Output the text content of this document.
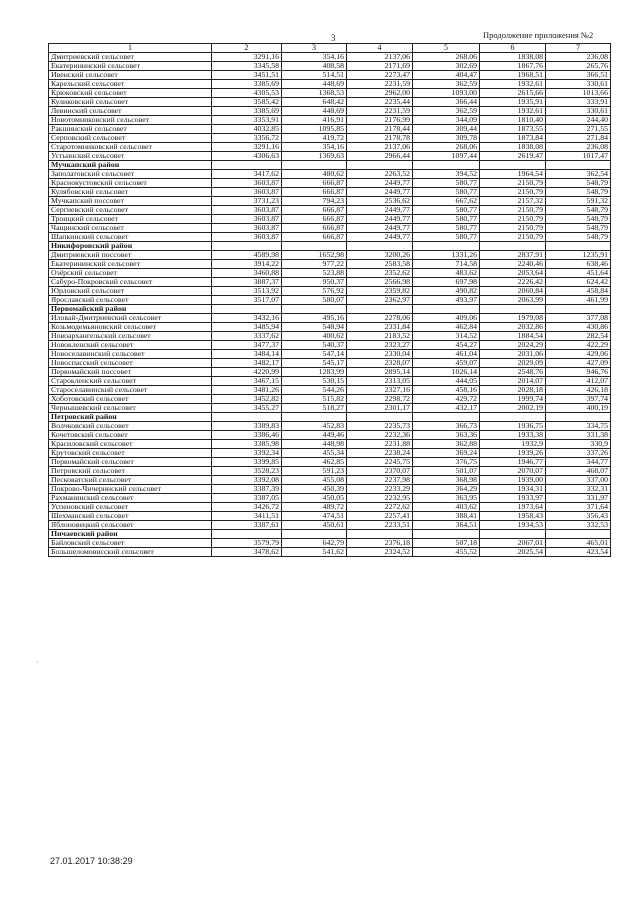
3	Продолжение приложения №2
1	2	3	4	5	6	7
Дмитриевский сельсовет	3291,16	354,16	2137,06	268,06	1838,08	236,08
Екатерининский сельсовет	3345,58	408,58	2171,69	302,69	1867,76	265,76
Ивенский сельсовет	3451,51	514,51	2273,47	404,47	1968,51	366,51
Карельский сельсовет	3385,69	448,69	2231,59	362,59	1932,61	330,61
Крюковский сельсовет	4305,53	1368,53	2962,00	1093,00	2615,66	1013,66
Куликовский сельсовет	3585,42	648,42	2235,44	366,44	1935,91	333,91
Левинский сельсовет	3385,69	448,69	2231,59	362,59	1932,61	330,61
Новотомниковский сельсовет	3353,91	416,91	2176,99	344,09	1810,40	244,40
Ракшинский сельсовет	4032,85	1095,85	2178,44	309,44	1873,55	271,55
Серповский сельсовет	3356,72	419,72	2178,78	309,78	1873,84	271,84
Старотомниковский сельсовет	3291,16	354,16	2137,06	268,06	1838,08	236,08
Устьинский сельсовет	4306,63	1369,63	2966,44	1097,44	2619,47	1017,47
Мучкапский район						
Заполатовский сельсовет	3417,62	480,62	2263,52	394,52	1964,54	362,54
Краснокустовский сельсовет	3603,87	666,87	2449,77	580,77	2150,79	548,79
Кулябовский сельсовет	3603,87	666,87	2449,77	580,77	2150,79	548,79
Мучкапский поссовет	3731,23	794,23	2536,62	667,62	2157,32	591,32
Сергиевский сельсовет	3603,87	666,87	2449,77	580,77	2150,79	548,79
Троицкий сельсовет	3603,87	666,87	2449,77	580,77	2150,79	548,79
Чащинский сельсовет	3603,87	666,87	2449,77	580,77	2150,79	548,79
Шапкинский сельсовет	3603,87	666,87	2449,77	580,77	2150,79	548,79
Никифоровский район						
Дмитриевский поссовет	4589,98	1652,98	3200,26	1331,26	2837,91	1235,91
Екатерининский сельсовет	3914,22	977,22	2583,58	714,58	2240,46	638,46
Озёрский сельсовет	3460,88	523,88	2352,62	483,62	2053,64	451,64
Сабуро-Покровский сельсовет	3887,37	950,37	2566,98	697,98	2226,42	624,42
Юрловский сельсовет	3513,92	576,92	2359,82	490,82	2060,84	458,84
Ярославский сельсовет	3517,07	580,07	2362,97	493,97	2063,99	461,99
Первомайский район						
Иловай-Дмитриевский сельсовет	3432,16	495,16	2278,06	409,06	1979,08	377,08
Козьмодемьяновский сельсовет	3485,94	548,94	2331,84	462,84	2032,86	430,86
Новоархангельский сельсовет	3337,62	400,62	2183,52	314,52	1884,54	282,54
Новокленский сельсовет	3477,37	540,37	2323,27	454,27	2024,29	422,29
Новоселавинский сельсовет	3484,14	547,14	2330,04	461,04	2031,06	429,06
Новоспасский сельсовет	3482,17	545,17	2328,07	459,07	2029,09	427,09
Первомайский поссовет	4220,99	1283,99	2895,14	1026,14	2548,76	946,76
Старокленский сельсовет	3467,15	530,15	2313,05	444,05	2014,07	412,07
Староселавинский сельсовет	3481,26	544,26	2327,16	458,16	2028,18	426,18
Хоботовский сельсовет	3452,82	515,82	2298,72	429,72	1999,74	397,74
Чернышевский сельсовет	3455,27	518,27	2301,17	432,17	2002,19	400,19
Петровский район						
Волчковский сельсовет	3389,83	452,83	2235,73	366,73	1936,75	334,75
Кочетовский сельсовет	3386,46	449,46	2232,36	363,36	1933,38	331,38
Красиловский сельсовет	3385,98	448,98	2231,88	362,88	1932,9	330,9
Крутовский сельсовет	3392,34	455,34	2238,24	369,24	1939,26	337,26
Первомайский сельсовет	3399,85	462,85	2245,75	376,75	1946,77	344,77
Петровский сельсовет	3528,23	591,23	2370,07	501,07	2070,07	468,07
Песковатский сельсовет	3392,08	455,08	2237,98	368,98	1939,00	337,00
Покрово-Чичеринский сельсовет	3387,39	450,39	2233,29	364,29	1934,31	332,31
Рахманинский сельсовет	3387,05	450,05	2232,95	363,95	1933,97	331,97
Успеновский сельсовет	3426,72	489,72	2272,62	403,62	1973,64	371,64
Шехманский сельсовет	3411,51	474,51	2257,41	388,41	1958,43	356,43
Яблоновецкий сельсовет	3387,61	450,61	2233,51	364,51	1934,53	332,53
Пичаевский район						
Байловский сельсовет	3579,79	642,79	2376,18	507,18	2067,01	465,01
Большеломовисский сельсовет	3478,62	541,62	2324,52	455,52	2025,54	423,54
27.01.2017 10:38:29
·
